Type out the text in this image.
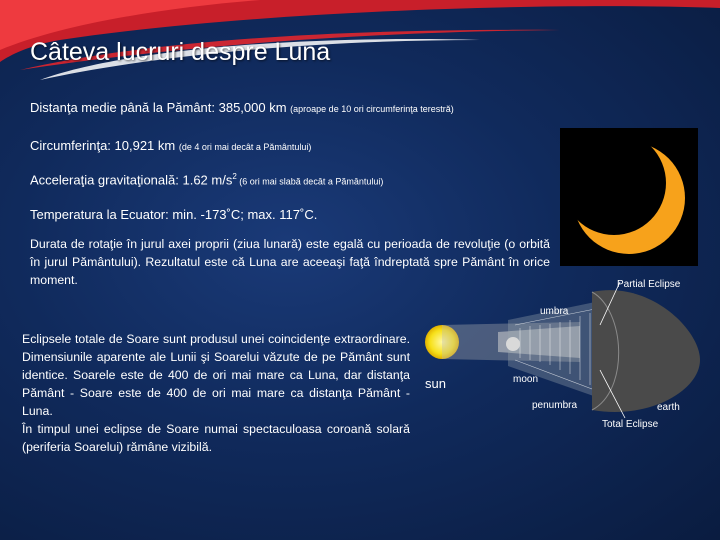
Câteva lucruri despre Luna
Distanţa medie până la Pământ: 385,000 km (aproape de 10 ori circumferinţa terestră)
Circumferinţa: 10,921 km (de 4 ori mai decât a Pământului)
Acceleraţia gravitaţională: 1.62 $m/s^2$ (6 ori mai slabă decât a Pământului)
Temperatura la Ecuator: min. -173˚C; max. 117˚C.
Durata de rotaţie în jurul axei proprii (ziua lunară) este egală cu perioada de revoluţie (o orbită în jurul Pământului). Rezultatul este că Luna are aceeaşi faţă îndreptată spre Pământ în orice moment.
Eclipsele totale de Soare sunt produsul unei coincidenţe extraordinare. Dimensiunile aparente ale Lunii şi Soarelui văzute de pe Pământ sunt identice. Soarele este de 400 de ori mai mare ca Luna, dar distanţa Pământ - Soare este de 400 de ori mai mare ca distanţa Pământ - Luna.
În timpul unei eclipse de Soare numai spectaculoasa coroană solară (periferia Soarelui) rămâne vizibilă.
Partial Eclipse
umbra
moon
sun
penumbra	earth
Total Eclipse
